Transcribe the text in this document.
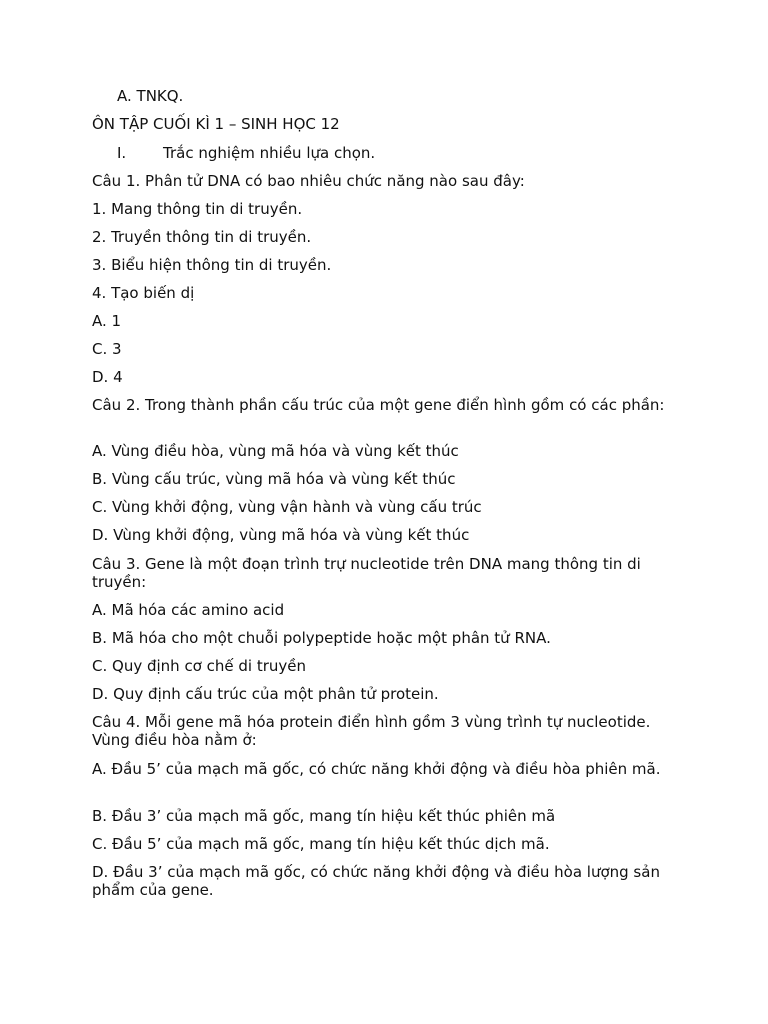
A. TNKQ.
ÔN TẬP CUỐI KÌ 1 – SINH HỌC 12
I. Trắc nghiệm nhiều lựa chọn.
Câu 1. Phân tử DNA có bao nhiêu chức năng nào sau đây:
1. Mang thông tin di truyền.
2. Truyền thông tin di truyền.
3. Biểu hiện thông tin di truyền.
4. Tạo biến dị
A. 1
C. 3
D. 4
Câu 2. Trong thành phần cấu trúc của một gene điển hình gồm có các phần:
A. Vùng điều hòa, vùng mã hóa và vùng kết thúc
B. Vùng cấu trúc, vùng mã hóa và vùng kết thúc
C. Vùng khởi động, vùng vận hành và vùng cấu trúc
D. Vùng khởi động, vùng mã hóa và vùng kết thúc
Câu 3. Gene là một đoạn trình trự nucleotide trên DNA mang thông tin di truyền:
A. Mã hóa các amino acid
B. Mã hóa cho một chuỗi polypeptide hoặc một phân tử RNA.
C. Quy định cơ chế di truyền
D. Quy định cấu trúc của một phân tử protein.
Câu 4. Mỗi gene mã hóa protein điển hình gồm 3 vùng trình tự nucleotide. Vùng điều hòa nằm ở:
A. Đầu 5’ của mạch mã gốc, có chức năng khởi động và điều hòa phiên mã.
B. Đầu 3’ của mạch mã gốc, mang tín hiệu kết thúc phiên mã
C. Đầu 5’ của mạch mã gốc, mang tín hiệu kết thúc dịch mã.
D. Đầu 3’ của mạch mã gốc, có chức năng khởi động và điều hòa lượng sản phẩm của gene.
